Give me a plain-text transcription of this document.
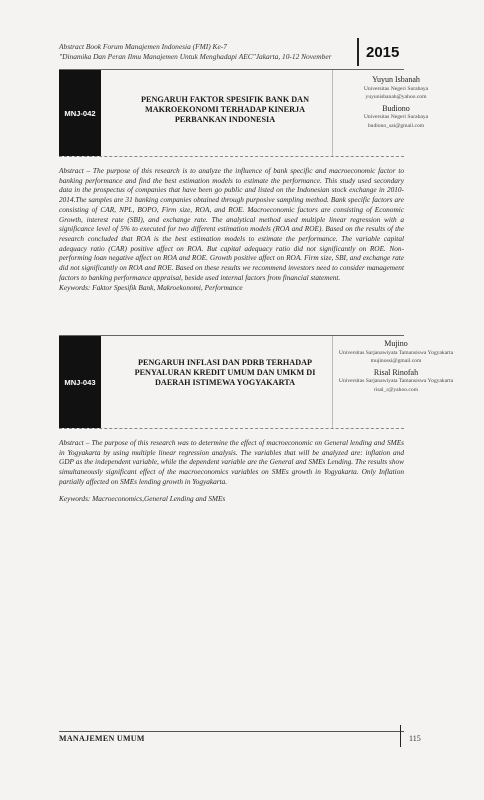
Abstract Book Forum Manajemen Indonesia (FMI) Ke-7
"Dinamika Dan Peran Ilmu Manajemen Untuk Menghadapi AEC"Jakarta, 10-12 November	2015
MNJ-042
PENGARUH FAKTOR SPESIFIK BANK DAN MAKROEKONOMI TERHADAP KINERJA PERBANKAN INDONESIA
Yuyun Isbanah
Universitas Negeri Surabaya
yuyunisbanah@yahoo.com
Budiono
Universitas Negeri Surabaya
budiono_sai@gmail.com
Abstract – The purpose of this research is to analyze the influence of bank specific and macroeconomic factor to banking performance and find the best estimation models to estimate the performance. This study used secondary data in the prospectus of companies that have been go public and listed on the Indonesian stock exchange in 2010-2014.The samples are 31 banking companies obtained through purposive sampling method. Bank specific factors are consisting of CAR, NPL, BOPO, Firm size, ROA, and ROE. Macroeconomic factors are consisting of Economic Growth, interest rate (SBI), and exchange rate. The analytical method used multiple linear regression with a significance level of 5% to executed for two different estimation models (ROA and ROE). Based on the results of the research concluded that ROA is the best estimation models to estimate the performance. The variable capital adequacy ratio (CAR) positive affect on ROA. But capital adequacy ratio did not significantly on ROE. Non-performing loan negative affect on ROA and ROE. Growth positive affect on ROA. Firm size, SBI, and exchange rate did not significantly on ROA and ROE. Based on these results we recommend investors need to consider management factors to banking performance appraisal, beside used internal factors from financial statement.
Keywords: Faktor Spesifik Bank, Makroekonomi, Performance
MNJ-043
PENGARUH INFLASI DAN PDRB TERHADAP PENYALURAN KREDIT UMUM DAN UMKM DI DAERAH ISTIMEWA YOGYAKARTA
Mujino
Universitas Sarjanawiyata Tamansiswa Yogyakarta
mujinossi@gmail.com
Risal Rinofah
Universitas Sarjanawiyata Tamansiswa Yogyakarta
risal_r@yahoo.com
Abstract – The purpose of this research was to determine the effect of macroeconomic on General lending and SMEs in Yogyakarta by using multiple linear regression analysis. The variables that will be analyzed are: inflation and GDP as the independent variable, while the dependent variable are the General and SMEs Lending. The results show simultaneously significant effect of the macroeconomics variables on SMEs growth in Yogyakarta. Only Inflation partially affected on SMEs lending growth in Yogyakarta.
Keywords: Macroeconomics,General Lending and SMEs
MANAJEMEN UMUM	115
